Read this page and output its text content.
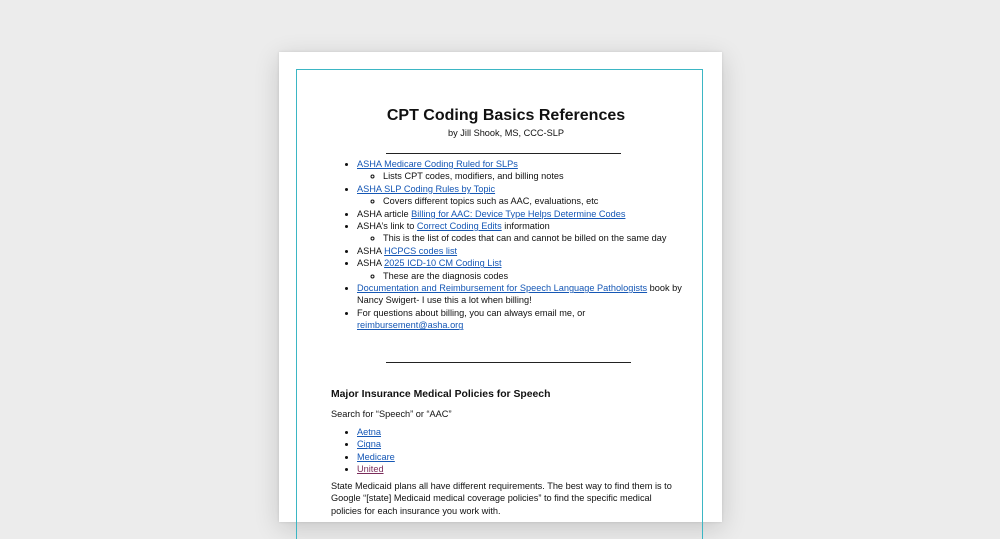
CPT Coding Basics References
by Jill Shook, MS, CCC-SLP
• ASHA Medicare Coding Ruled for SLPs
◦ Lists CPT codes, modifiers, and billing notes
• ASHA SLP Coding Rules by Topic
◦ Covers different topics such as AAC, evaluations, etc
• ASHA article Billing for AAC: Device Type Helps Determine Codes
• ASHA’s link to Correct Coding Edits information
◦ This is the list of codes that can and cannot be billed on the same day
• ASHA HCPCS codes list
• ASHA 2025 ICD-10 CM Coding List
◦ These are the diagnosis codes
• Documentation and Reimbursement for Speech Language Pathologists book by Nancy Swigert- I use this a lot when billing!
• For questions about billing, you can always email me, or reimbursement@asha.org
Major Insurance Medical Policies for Speech
Search for “Speech” or “AAC”
• Aetna
• Cigna
• Medicare
• United
State Medicaid plans all have different requirements. The best way to find them is to Google “[state] Medicaid medical coverage policies” to find the specific medical policies for each insurance you work with.
